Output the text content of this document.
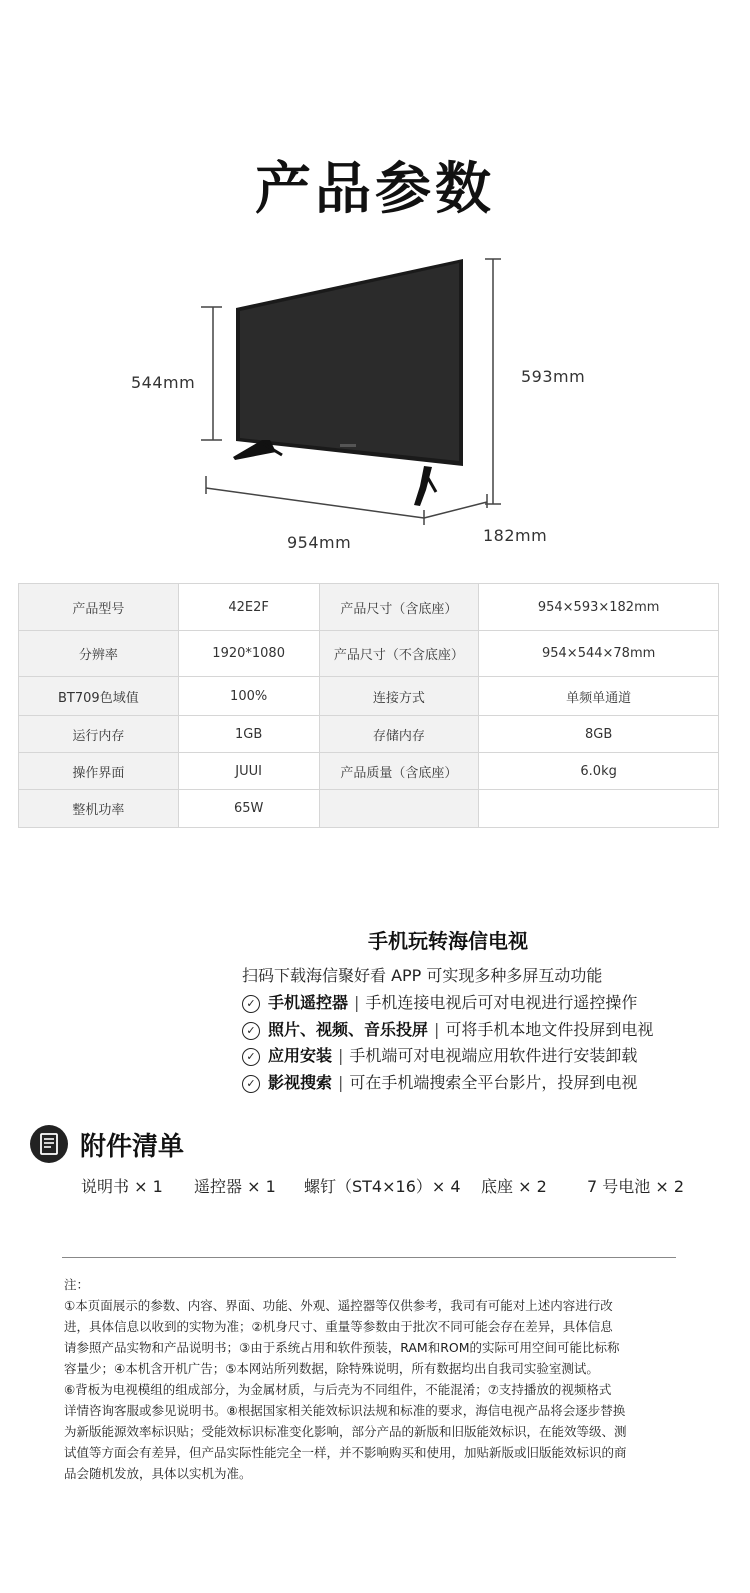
产品参数
544mm	593mm
954mm	182mm
产品型号	42E2F	产品尺寸（含底座）	954×593×182mm
分辨率	1920*1080	产品尺寸（不含底座）	954×544×78mm
BT709色域值	100%	连接方式	单频单通道
运行内存	1GB	存储内存	8GB
操作界面	JUUI	产品质量（含底座）	6.0kg
整机功率	65W		
手机玩转海信电视
扫码下载海信聚好看 APP 可实现多种多屏互动功能
✓ 手机遥控器 | 手机连接电视后可对电视进行遥控操作
✓ 照片、视频、音乐投屏 | 可将手机本地文件投屏到电视
✓ 应用安装 | 手机端可对电视端应用软件进行安装卸载
✓ 影视搜索 | 可在手机端搜索全平台影片，投屏到电视
附件清单
说明书 × 1 遥控器 × 1 螺钉（ST4×16）× 4 底座 × 2	7 号电池 × 2

注：

①本页面展示的参数、内容、界面、功能、外观、遥控器等仅供参考，我司有可能对上述内容进行改

进，具体信息以收到的实物为准；②机身尺寸、重量等参数由于批次不同可能会存在差异，具体信息

请参照产品实物和产品说明书；③由于系统占用和软件预装，RAM和ROM的实际可用空间可能比标称

容量少；④本机含开机广告；⑤本网站所列数据，除特殊说明，所有数据均出自我司实验室测试。

⑥背板为电视模组的组成部分，为金属材质，与后壳为不同组件，不能混淆；⑦支持播放的视频格式

详情咨询客服或参见说明书。⑧根据国家相关能效标识法规和标准的要求，海信电视产品将会逐步替换

为新版能源效率标识贴；受能效标识标准变化影响，部分产品的新版和旧版能效标识，在能效等级、测

试值等方面会有差异，但产品实际性能完全一样，并不影响购买和使用，加贴新版或旧版能效标识的商

品会随机发放，具体以实机为准。
